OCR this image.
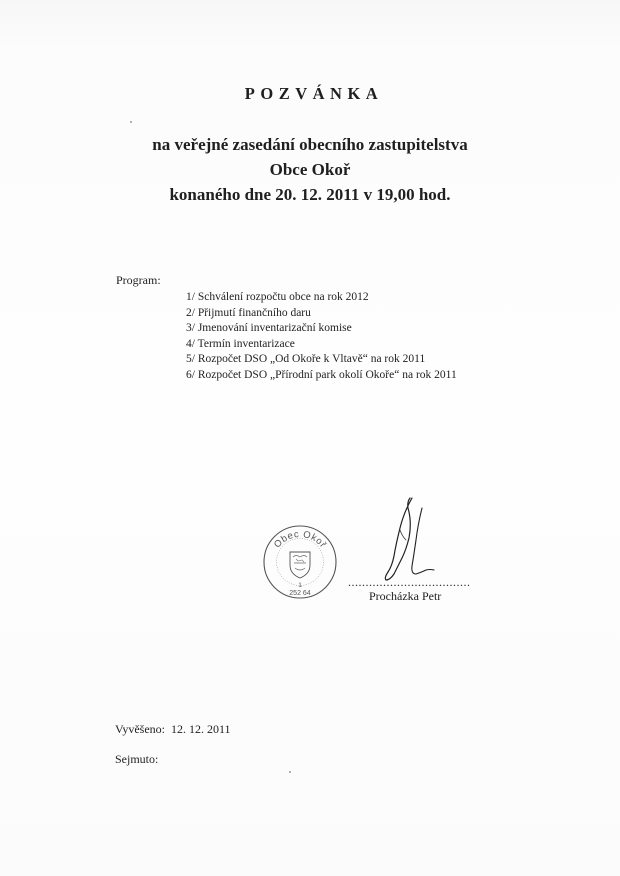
POZVÁNKA
na veřejné zasedání obecního zastupitelstva
Obce Okoř
konaného dne 20. 12. 2011 v 19,00 hod.
Program:
1/ Schválení rozpočtu obce na rok 2012
2/ Přijmutí finančního daru
3/ Jmenování inventarizační komise
4/ Termín inventarizace
5/ Rozpočet DSO „Od Okoře k Vltavě“ na rok 2011
6/ Rozpočet DSO „Přírodní park okolí Okoře“ na rok 2011
Obec Okoř
1
252 64
...................................
Procházka Petr
Vyvěšeno: 12. 12. 2011
Sejmuto:
